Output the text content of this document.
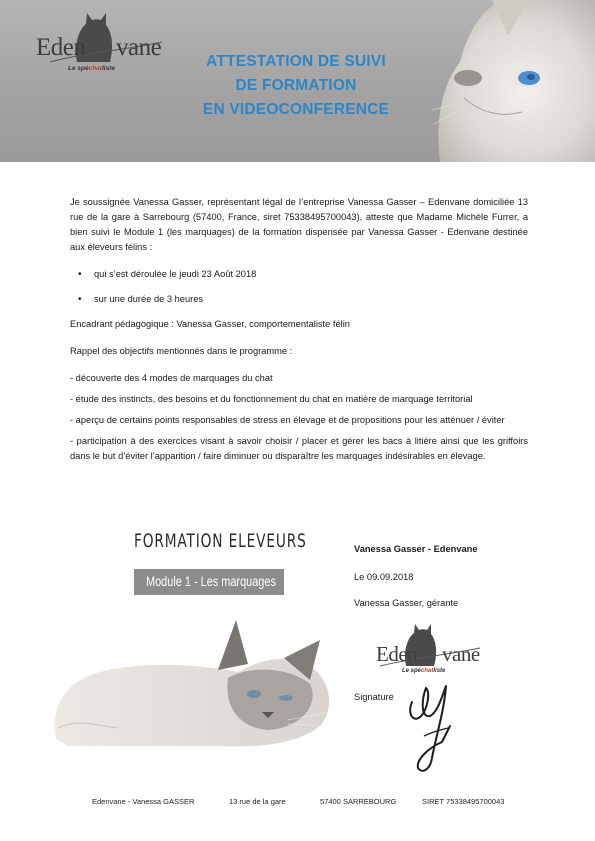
Eden vane
Le spéchatliste	ATTESTATION DE SUIVI
DE FORMATION
EN VIDEOCONFERENCE

Je soussignée Vanessa Gasser, représentant légal de l’entreprise Vanessa Gasser – Edenvane domiciliée 13 rue de la gare à Sarrebourg (57400, France, siret 75338495700043), atteste que Madame Michèle Furrer, a bien suivi le Module 1 (les marquages) de la formation dispensée par Vanessa Gasser - Edenvane destinée aux éleveurs félins :

• qui s’est déroulée le jeudi 23 Août 2018
• sur une durée de 3 heures

Encadrant pédagogique : Vanessa Gasser, comportementaliste félin

Rappel des objectifs mentionnés dans le programme :

- découverte des 4 modes de marquages du chat

- étude des instincts, des besoins et du fonctionnement du chat en matière de marquage territorial

- aperçu de certains points responsables de stress en élevage et de propositions pour les atténuer / éviter

- participation à des exercices visant à savoir choisir / placer et gérer les bacs à litière ainsi que les griffoirs dans le but d’éviter l’apparition / faire diminuer ou disparaître les marquages indésirables en élevage.

FORMATION ELEVEURS
Module 1 - Les marquages
Vanessa Gasser - Edenvane
Le 09.09.2018
Vanessa Gasser, gérante
Eden vane
Le spéchatliste
Signature
Edenvane - Vanessa GASSER	13 rue de la gare	57400 SARREBOURG	SIRET 75338495700043
